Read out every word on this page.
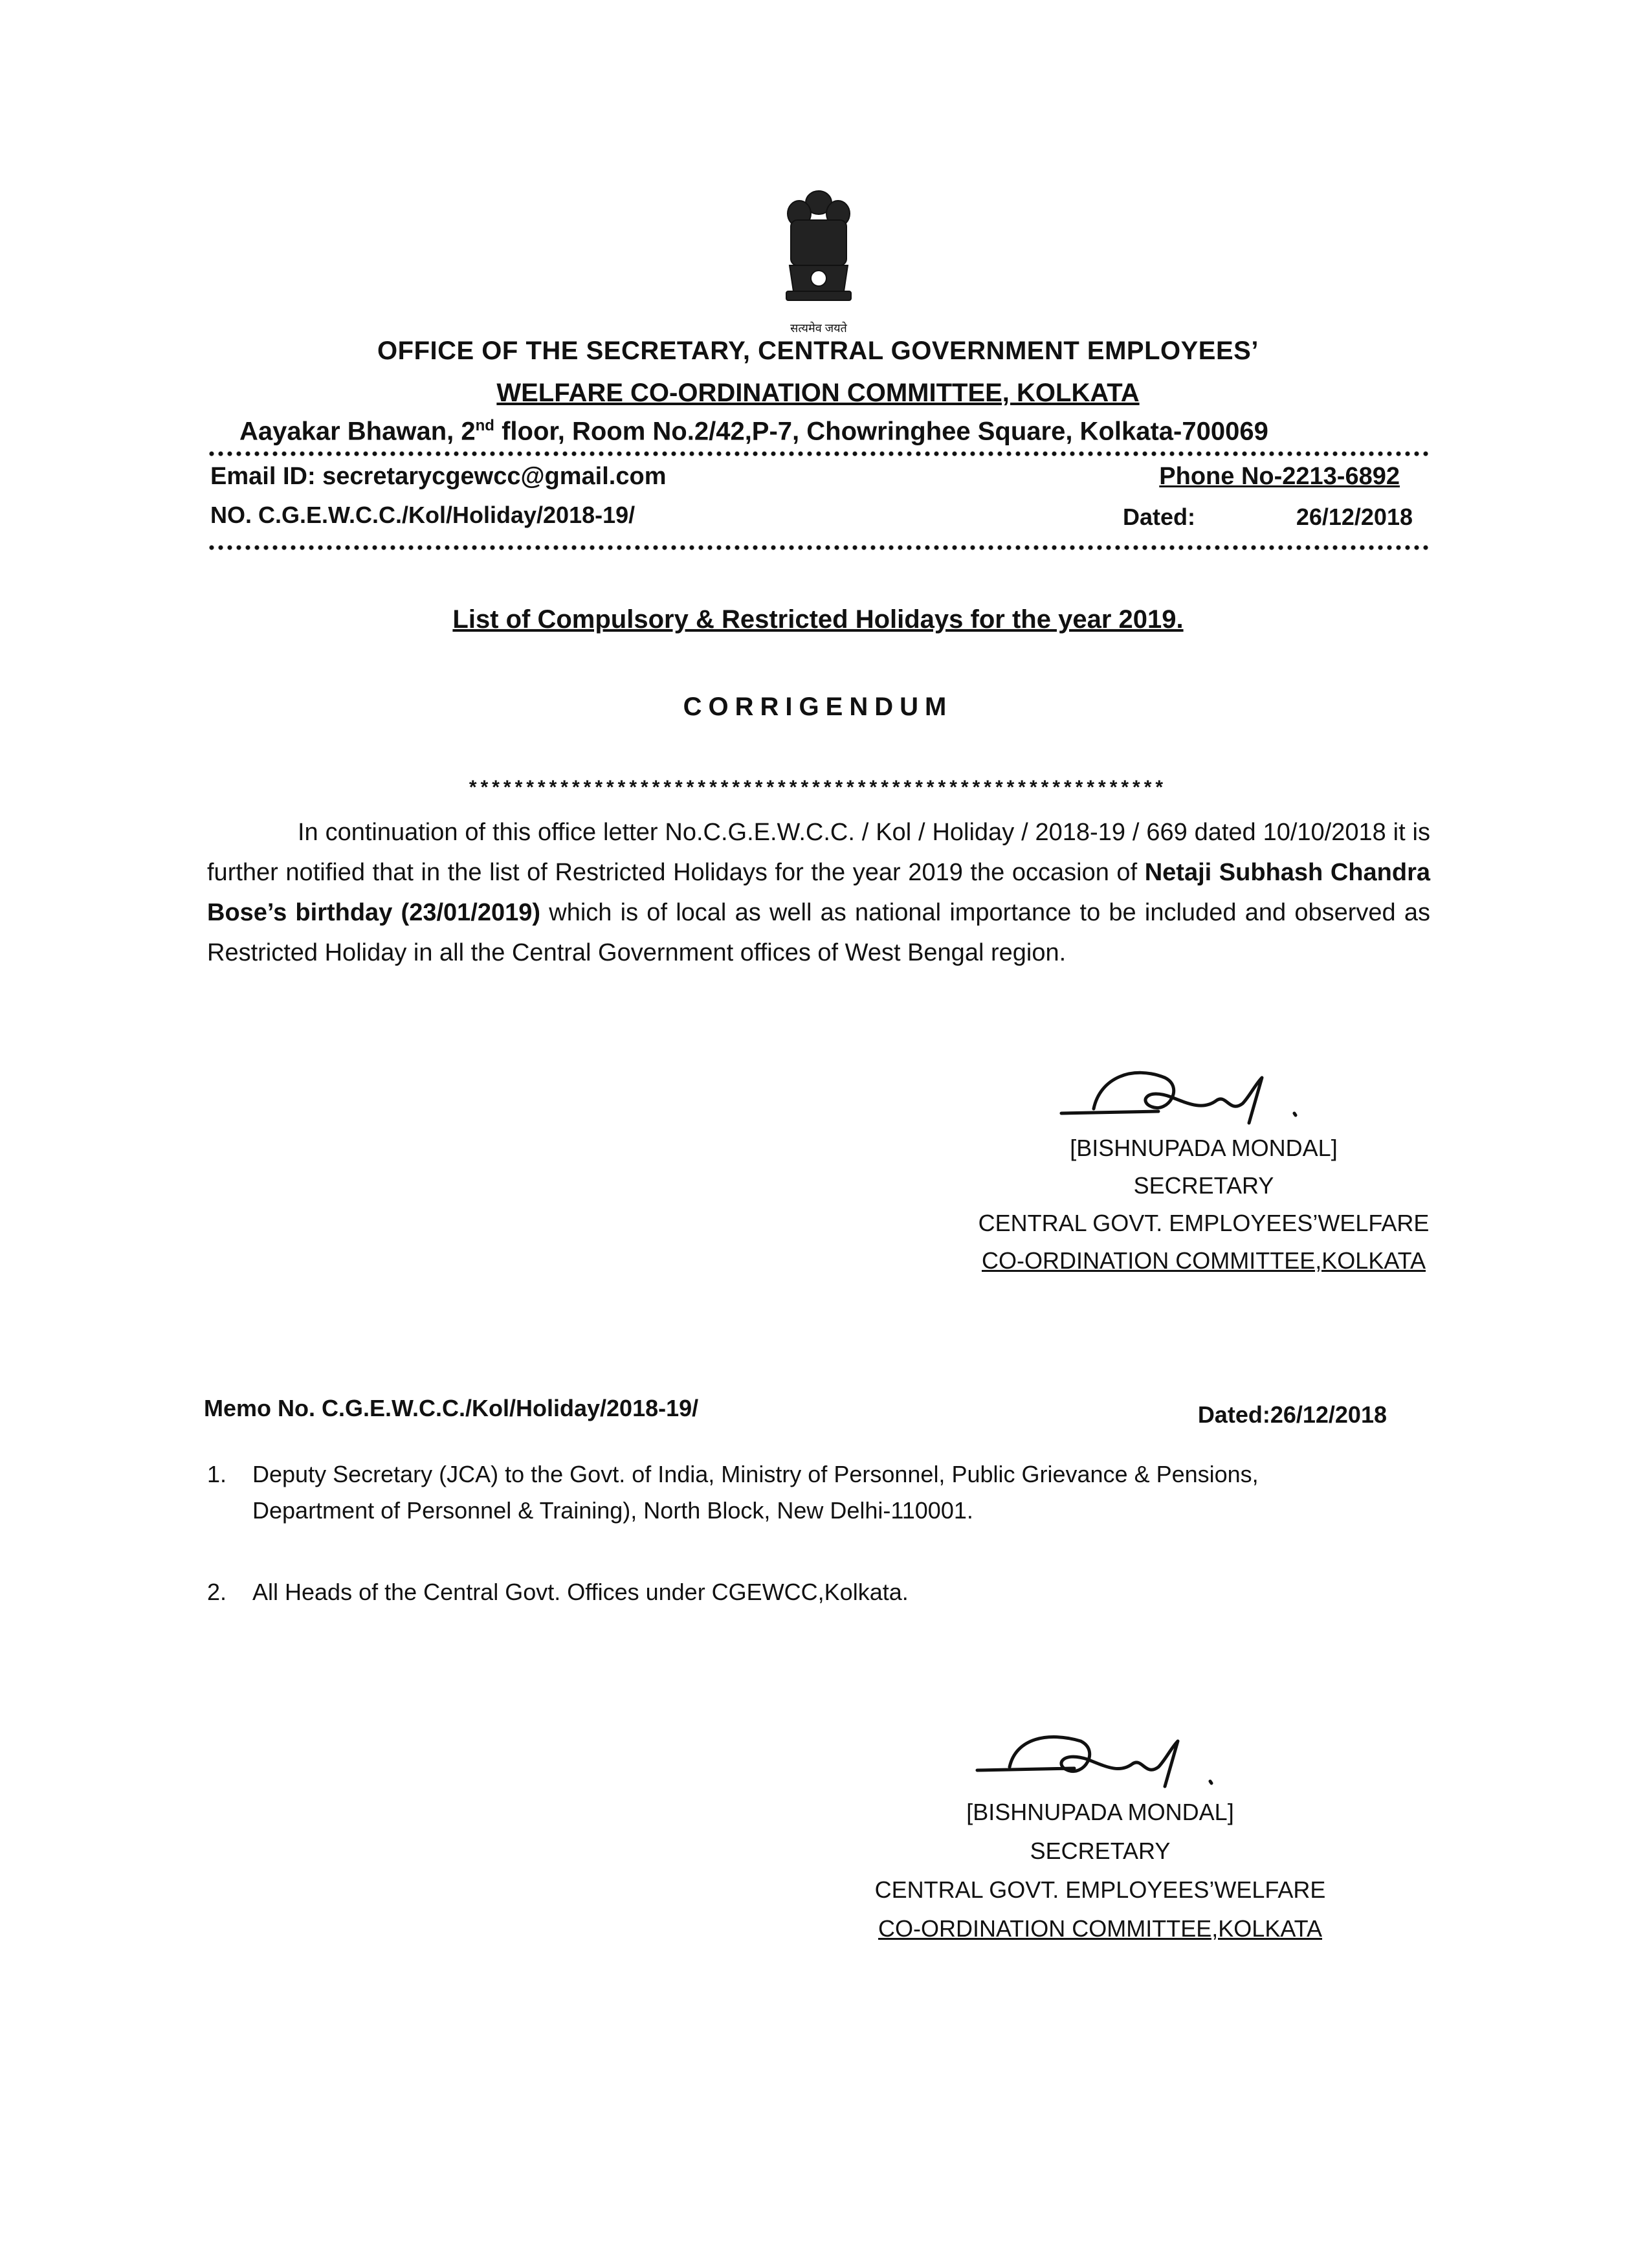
सत्यमेव जयते
OFFICE OF THE SECRETARY, CENTRAL GOVERNMENT EMPLOYEES’
WELFARE CO-ORDINATION COMMITTEE, KOLKATA
Aayakar Bhawan, 2nd floor, Room No.2/42,P-7, Chowringhee Square, Kolkata-700069
Email ID: secretarycgewcc@gmail.com	Phone No-2213-6892
NO. C.G.E.W.C.C./Kol/Holiday/2018-19/	Dated:	26/12/2018
List of Compulsory & Restricted Holidays for the year 2019.
CORRIGENDUM
*************************************************************
In continuation of this office letter No.C.G.E.W.C.C. / Kol / Holiday / 2018-19 / 669 dated 10/10/2018 it is further notified that in the list of Restricted Holidays for the year 2019 the occasion of Netaji Subhash Chandra Bose’s birthday (23/01/2019) which is of local as well as national importance to be included and observed as Restricted Holiday in all the Central Government offices of West Bengal region.
[BISHNUPADA MONDAL]
SECRETARY
CENTRAL GOVT. EMPLOYEES’WELFARE
CO-ORDINATION COMMITTEE,KOLKATA
Memo No. C.G.E.W.C.C./Kol/Holiday/2018-19/	Dated:26/12/2018
1. Deputy Secretary (JCA) to the Govt. of India, Ministry of Personnel, Public Grievance & Pensions,
Department of Personnel & Training), North Block, New Delhi-110001.
2. All Heads of the Central Govt. Offices under CGEWCC,Kolkata.
[BISHNUPADA MONDAL]
SECRETARY
CENTRAL GOVT. EMPLOYEES’WELFARE
CO-ORDINATION COMMITTEE,KOLKATA
